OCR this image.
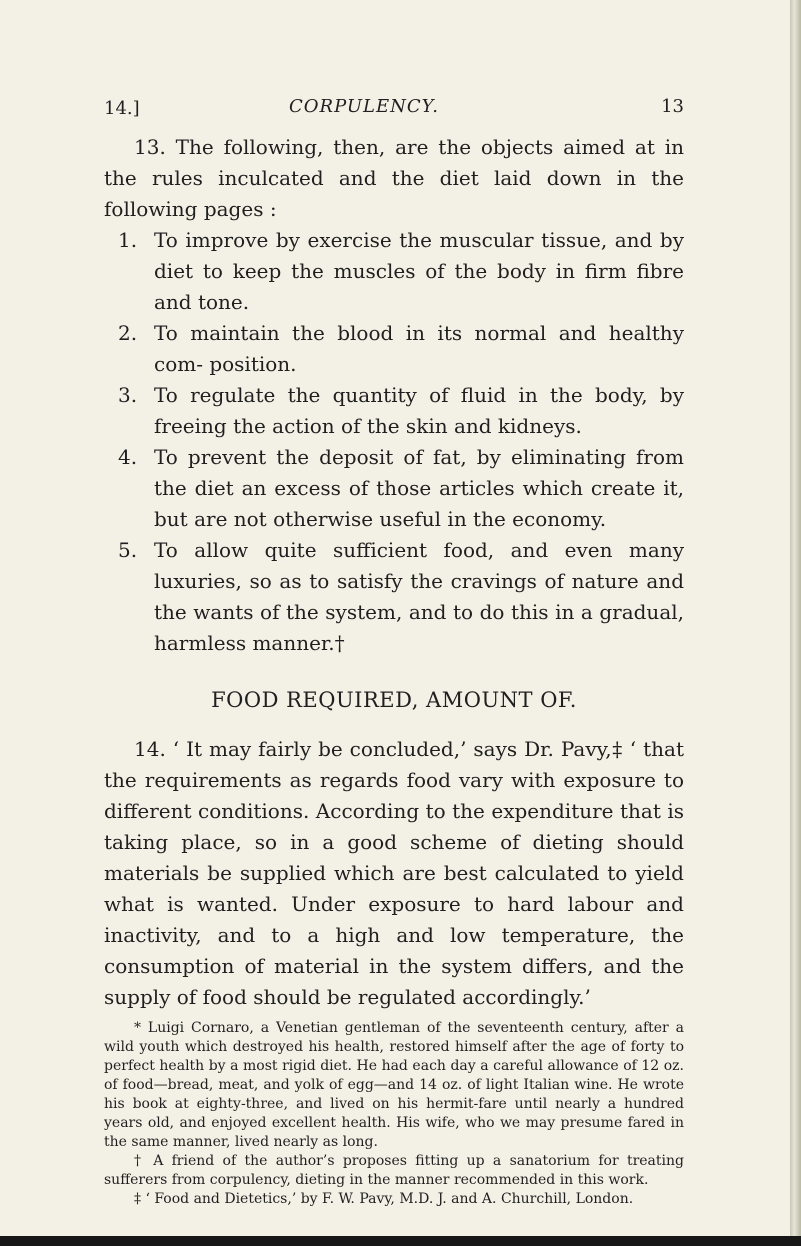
14.]	CORPULENCY.	13

13. The following, then, are the objects aimed at in the rules inculcated and the diet laid down in the following pages :

1. To improve by exercise the muscular tissue, and by diet to keep the muscles of the body in firm fibre and tone.
2. To maintain the blood in its normal and healthy com- position.
3. To regulate the quantity of fluid in the body, by freeing the action of the skin and kidneys.
4. To prevent the deposit of fat, by eliminating from the diet an excess of those articles which create it, but are not otherwise useful in the economy.
5. To allow quite sufficient food, and even many luxuries, so as to satisfy the cravings of nature and the wants of the system, and to do this in a gradual, harmless manner.†
FOOD REQUIRED, AMOUNT OF.

14. ‘ It may fairly be concluded,’ says Dr. Pavy,‡ ‘ that the requirements as regards food vary with exposure to different conditions. According to the expenditure that is taking place, so in a good scheme of dieting should materials be supplied which are best calculated to yield what is wanted. Under exposure to hard labour and inactivity, and to a high and low temperature, the consumption of material in the system differs, and the supply of food should be regulated accordingly.’

* Luigi Cornaro, a Venetian gentleman of the seventeenth century, after a wild youth which destroyed his health, restored himself after the age of forty to perfect health by a most rigid diet. He had each day a careful allowance of 12 oz. of food—bread, meat, and yolk of egg—and 14 oz. of light Italian wine. He wrote his book at eighty-three, and lived on his hermit-fare until nearly a hundred years old, and enjoyed excellent health. His wife, who we may presume fared in the same manner, lived nearly as long.

† A friend of the author’s proposes fitting up a sanatorium for treating sufferers from corpulency, dieting in the manner recommended in this work.

‡ ‘ Food and Dietetics,’ by F. W. Pavy, M.D. J. and A. Churchill, London.
